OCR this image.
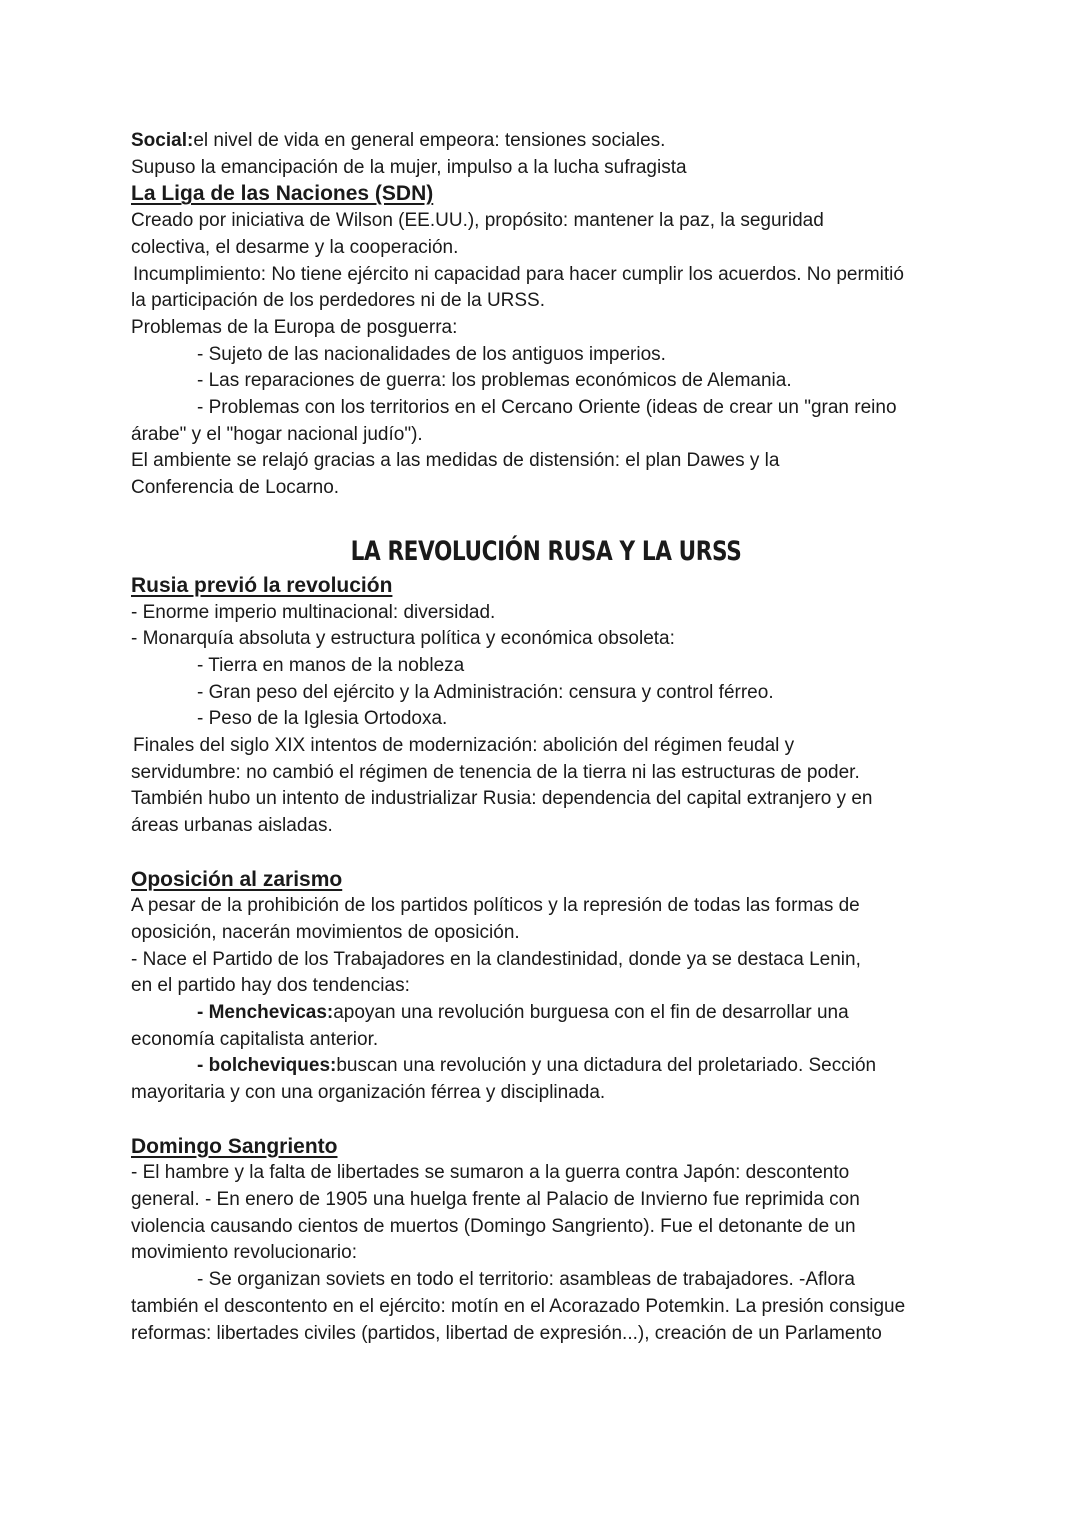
Social:el nivel de vida en general empeora: tensiones sociales.
Supuso la emancipación de la mujer, impulso a la lucha sufragista
La Liga de las Naciones (SDN)
Creado por iniciativa de Wilson (EE.UU.), propósito: mantener la paz, la seguridad
colectiva, el desarme y la cooperación.
Incumplimiento: No tiene ejército ni capacidad para hacer cumplir los acuerdos. No permitió
la participación de los perdedores ni de la URSS.
Problemas de la Europa de posguerra:
- Sujeto de las nacionalidades de los antiguos imperios.
- Las reparaciones de guerra: los problemas económicos de Alemania.
- Problemas con los territorios en el Cercano Oriente (ideas de crear un "gran reino
árabe" y el "hogar nacional judío").
El ambiente se relajó gracias a las medidas de distensión: el plan Dawes y la
Conferencia de Locarno.
LA REVOLUCIÓN RUSA Y LA URSS
Rusia previó la revolución
- Enorme imperio multinacional: diversidad.
- Monarquía absoluta y estructura política y económica obsoleta:
- Tierra en manos de la nobleza
- Gran peso del ejército y la Administración: censura y control férreo.
- Peso de la Iglesia Ortodoxa.
Finales del siglo XIX intentos de modernización: abolición del régimen feudal y
servidumbre: no cambió el régimen de tenencia de la tierra ni las estructuras de poder.
También hubo un intento de industrializar Rusia: dependencia del capital extranjero y en
áreas urbanas aisladas.
Oposición al zarismo
A pesar de la prohibición de los partidos políticos y la represión de todas las formas de
oposición, nacerán movimientos de oposición.
- Nace el Partido de los Trabajadores en la clandestinidad, donde ya se destaca Lenin,
en el partido hay dos tendencias:
- Menchevicas:apoyan una revolución burguesa con el fin de desarrollar una
economía capitalista anterior.
- bolcheviques:buscan una revolución y una dictadura del proletariado. Sección
mayoritaria y con una organización férrea y disciplinada.
Domingo Sangriento
- El hambre y la falta de libertades se sumaron a la guerra contra Japón: descontento
general. - En enero de 1905 una huelga frente al Palacio de Invierno fue reprimida con
violencia causando cientos de muertos (Domingo Sangriento). Fue el detonante de un
movimiento revolucionario:
- Se organizan soviets en todo el territorio: asambleas de trabajadores. -Aflora
también el descontento en el ejército: motín en el Acorazado Potemkin. La presión consigue
reformas: libertades civiles (partidos, libertad de expresión...), creación de un Parlamento
